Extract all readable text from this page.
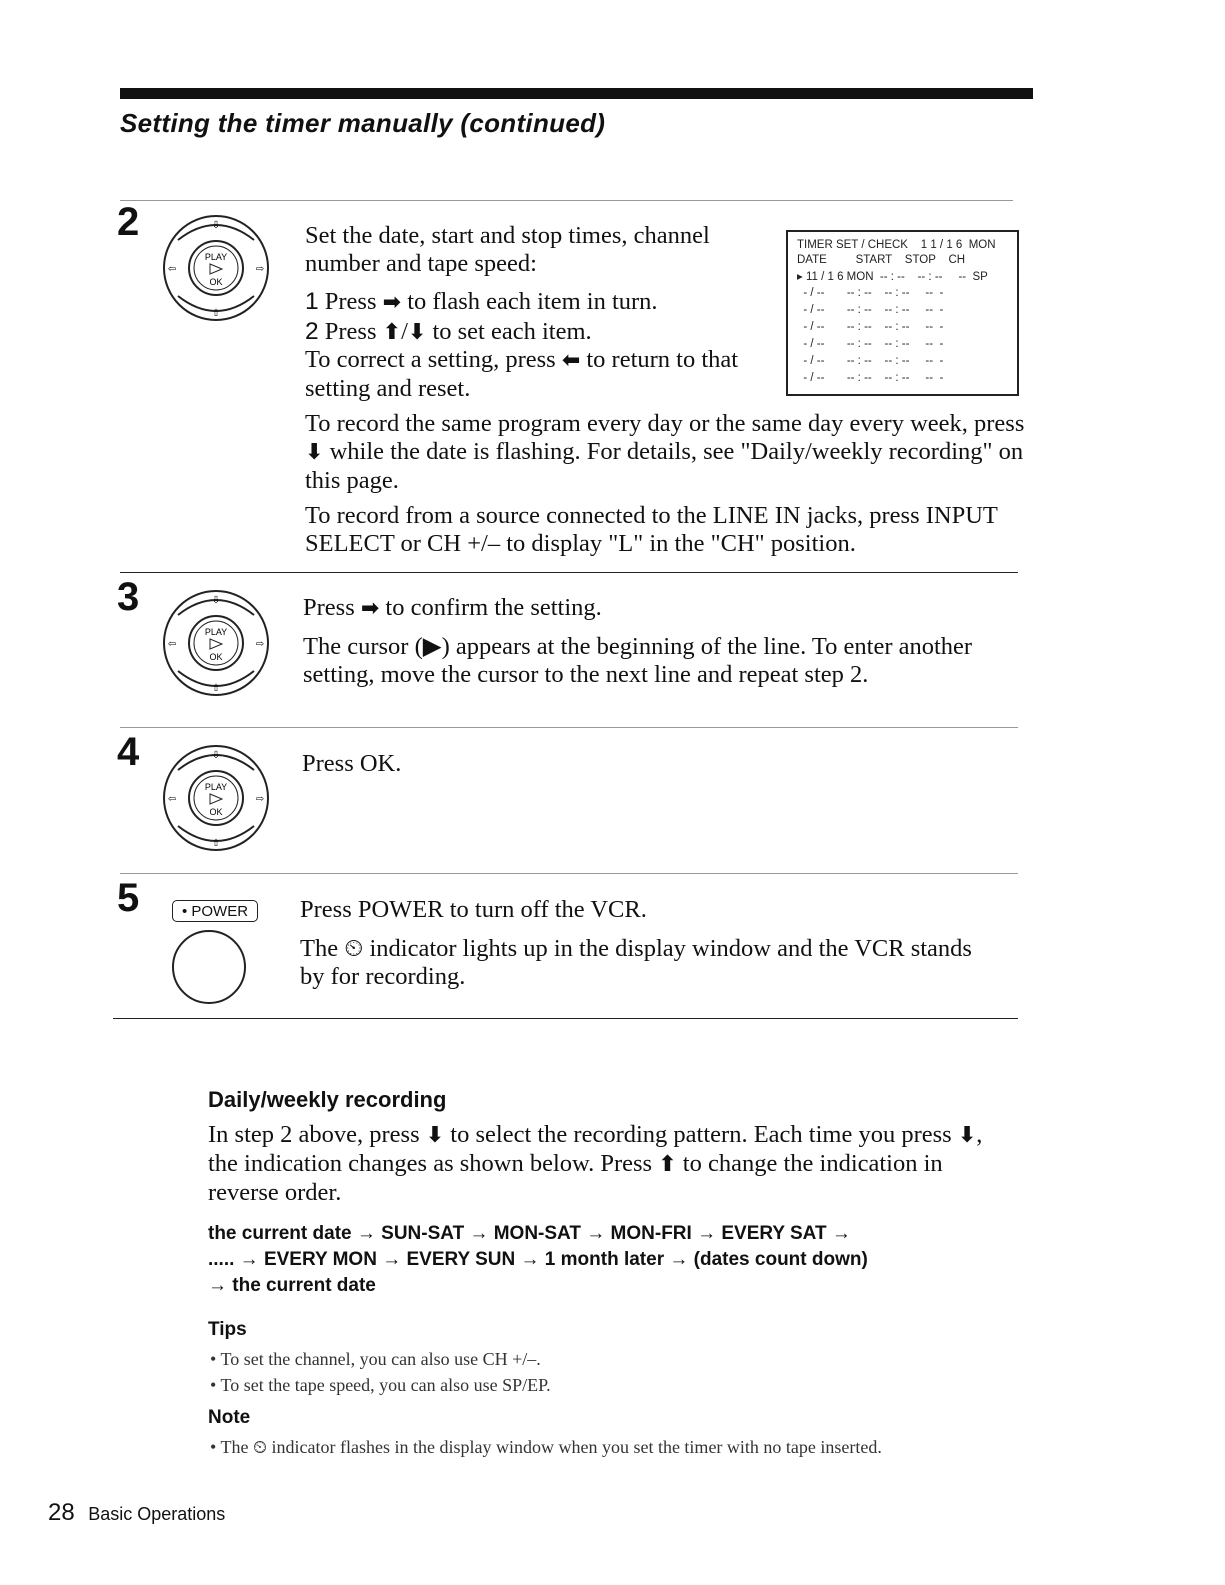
Setting the timer manually (continued)
2
PLAY
OK
⇩
⇧
⇦	⇨

Set the date, start and stop times, channel number and tape speed:

1 Press ➡ to flash each item in turn.

2 Press ⬆/⬇ to set each item.

To correct a setting, press ⬅ to return to that setting and reset.

TIMER SET / CHECK    1 1 / 1 6  MON
DATE         START    STOP    CH
▸ 11 / 1 6 MON  -- : --    -- : --     --  SP
- / --       -- : --    -- : --     --  -
- / --       -- : --    -- : --     --  -
- / --       -- : --    -- : --     --  -
- / --       -- : --    -- : --     --  -
- / --       -- : --    -- : --     --  -
- / --       -- : --    -- : --     --  -

To record the same program every day or the same day every week, press ⬇ while the date is flashing. For details, see "Daily/weekly recording" on this page.

To record from a source connected to the LINE IN jacks, press INPUT SELECT or CH +/– to display "L" in the "CH" position.

3
PLAY
OK
⇩
⇧
⇦	⇨

Press ➡ to confirm the setting.

The cursor (▶) appears at the beginning of the line. To enter another setting, move the cursor to the next line and repeat step 2.

4
PLAY
OK
⇩
⇧
⇦	⇨

Press OK.

5	• POWER	Press POWER to turn off the VCR.

The ⏲ indicator lights up in the display window and the VCR stands by for recording.

Daily/weekly recording

In step 2 above, press ⬇ to select the recording pattern. Each time you press ⬇, the indication changes as shown below. Press ⬆ to change the indication in reverse order.

the current date → SUN-SAT → MON-SAT → MON-FRI → EVERY SAT →
..... → EVERY MON → EVERY SUN → 1 month later → (dates count down)
→ the current date
Tips

• To set the channel, you can also use CH +/–.

• To set the tape speed, you can also use SP/EP.

Note

• The ⏲ indicator flashes in the display window when you set the timer with no tape inserted.

28 Basic Operations
